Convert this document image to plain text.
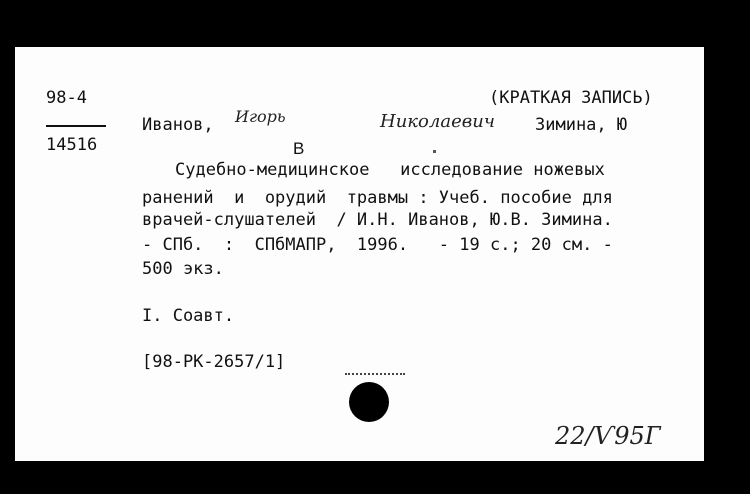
98-4
14516
(КРАТКАЯ ЗАПИСЬ)
Иванов, Игорь	Николаевич Зимина, Ю
В
Судебно-медицинское   исследование ножевых
ранений  и  орудий  травмы : Учеб. пособие для
врачей-слушателей  / И.Н. Иванов, Ю.В. Зимина.
- СПб.  :  СПбМАПР,  1996.   - 19 с.; 20 см. -
500 экз.
I. Соавт.
[98-PK-2657/1]
22/Ѵ95Г
